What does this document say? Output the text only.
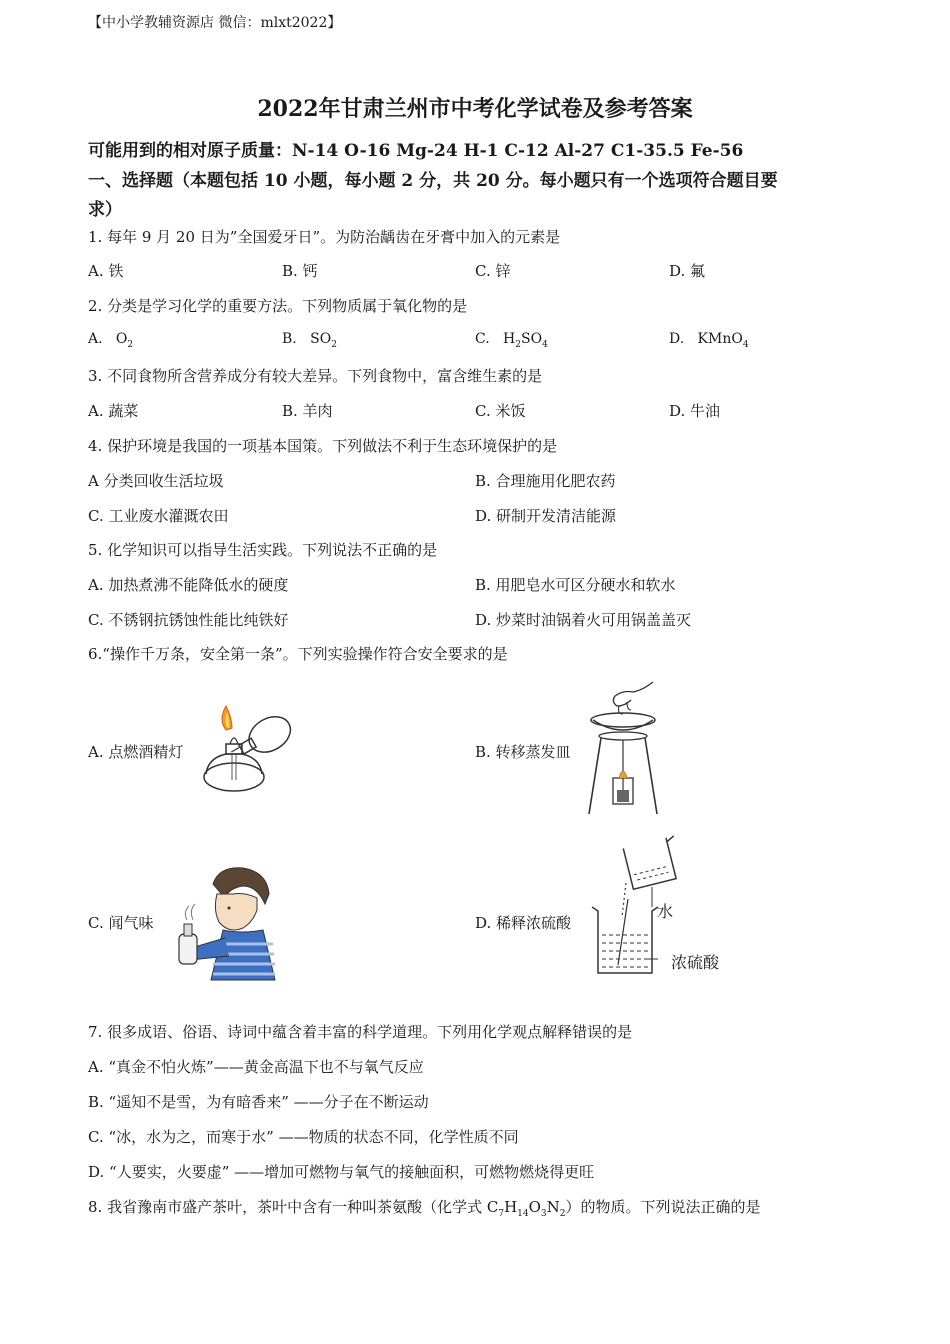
【中小学教辅资源店 微信：mlxt2022】
2022年甘肃兰州市中考化学试卷及参考答案
可能用到的相对原子质量：N-14 O-16 Mg-24 H-1 C-12 Al-27 C1-35.5 Fe-56
一、选择题（本题包括 10 小题，每小题 2 分，共 20 分。每小题只有一个选项符合题目要
求）
1. 每年 9 月 20 日为”全国爱牙日”。为防治龋齿在牙膏中加入的元素是
A. 铁	B. 钙	C. 锌	D. 氟
2. 分类是学习化学的重要方法。下列物质属于氧化物的是
A. $O_2$	B. $SO_2$	C. $H_2SO_4$	D. KMnO$_4$
3. 不同食物所含营养成分有较大差异。下列食物中，富含维生素的是
A. 蔬菜	B. 羊肉	C. 米饭	D. 牛油
4. 保护环境是我国的一项基本国策。下列做法不利于生态环境保护的是
A 分类回收生活垃圾	B. 合理施用化肥农药
C. 工业废水灌溉农田	D. 研制开发清洁能源
5. 化学知识可以指导生活实践。下列说法不正确的是
A. 加热煮沸不能降低水的硬度	B. 用肥皂水可区分硬水和软水
C. 不锈钢抗锈蚀性能比纯铁好	D. 炒菜时油锅着火可用锅盖盖灭
6.“操作千万条，安全第一条”。下列实验操作符合安全要求的是
A. 点燃酒精灯	B. 转移蒸发皿
C. 闻气味	D. 稀释浓硫酸
水
浓硫酸
7. 很多成语、俗语、诗词中蕴含着丰富的科学道理。下列用化学观点解释错误的是
A. “真金不怕火炼”——黄金高温下也不与氧气反应
B. “遥知不是雪，为有暗香来” ——分子在不断运动
C. “冰，水为之，而寒于水” ——物质的状态不同，化学性质不同
D. “人要实，火要虚” ——增加可燃物与氧气的接触面积，可燃物燃烧得更旺
8. 我省豫南市盛产茶叶，茶叶中含有一种叫茶氨酸（化学式 $C_7H_{14}O_3N_2$）的物质。下列说法正确的是
